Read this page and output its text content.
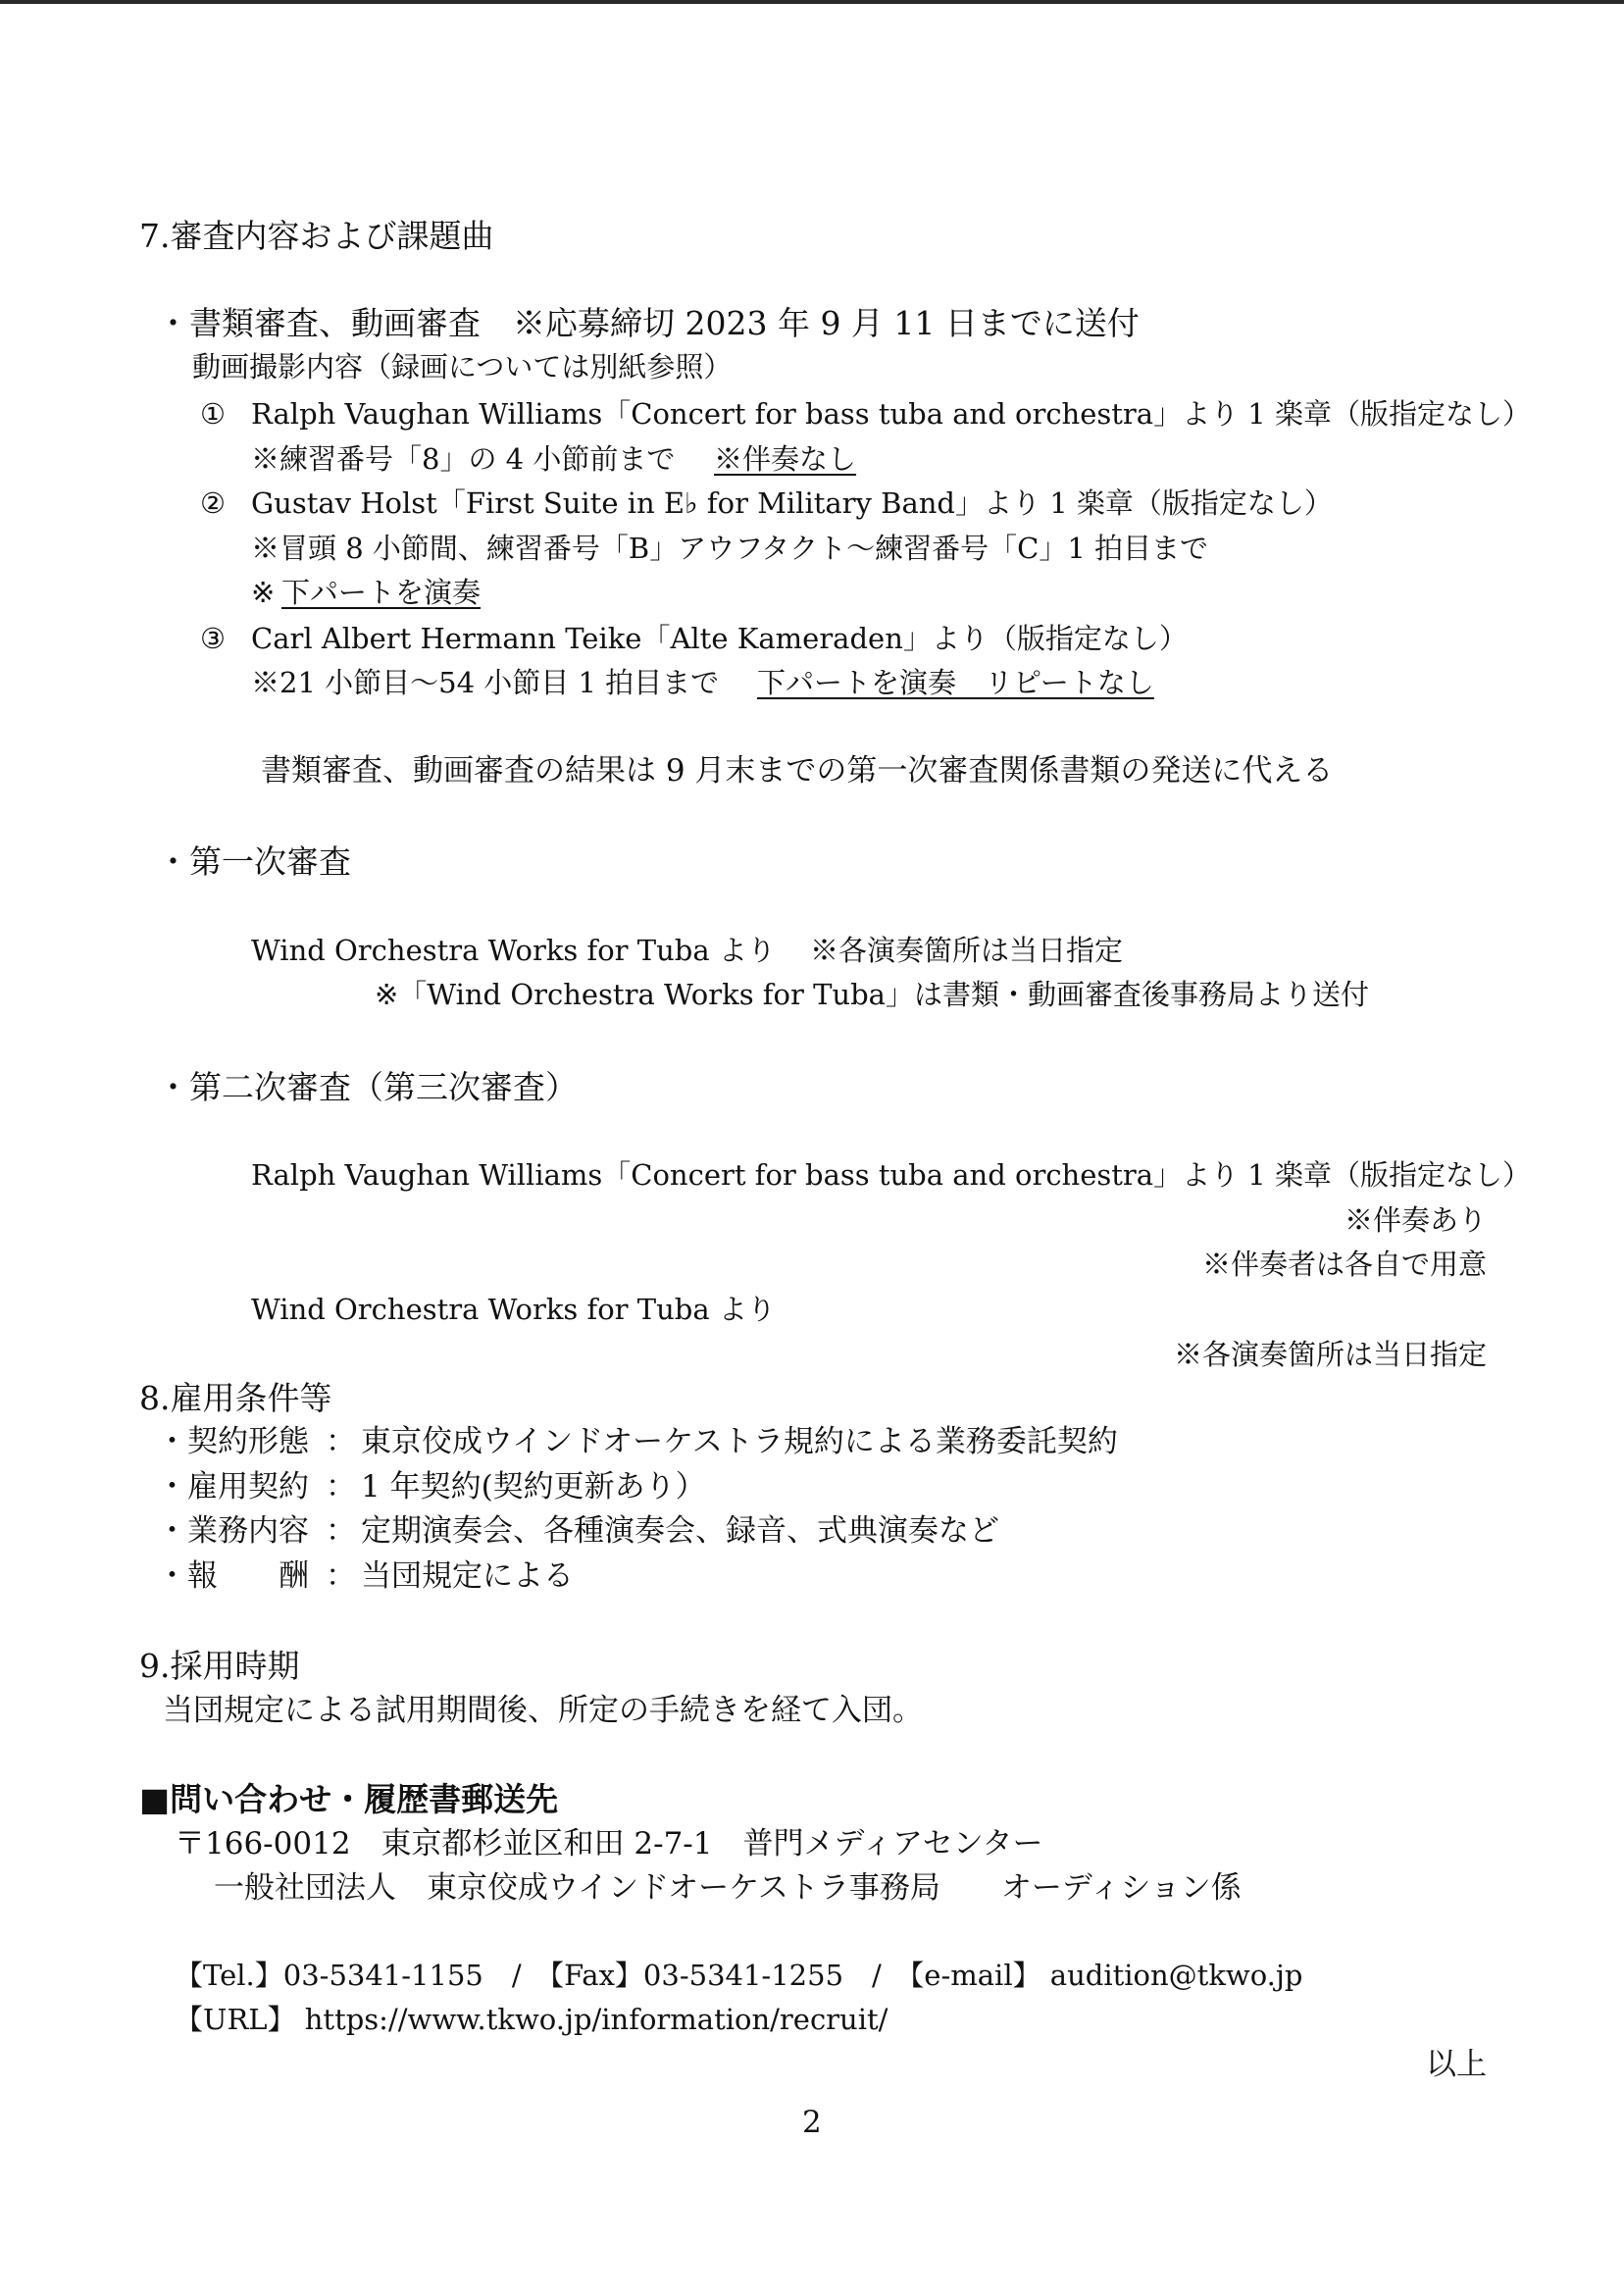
7.審査内容および課題曲
・書類審査、動画審査　※応募締切 2023 年 9 月 11 日までに送付
動画撮影内容（録画については別紙参照）
① Ralph Vaughan Williams「Concert for bass tuba and orchestra」より 1 楽章（版指定なし）
※練習番号「8」の 4 小節前まで ※伴奏なし
② Gustav Holst「First Suite in E♭ for Military Band」より 1 楽章（版指定なし）
※冒頭 8 小節間、練習番号「B」アウフタクト～練習番号「C」1 拍目まで
※ 下パートを演奏
③ Carl Albert Hermann Teike「Alte Kameraden」より（版指定なし）
※21 小節目～54 小節目 1 拍目まで 下パートを演奏　リピートなし
書類審査、動画審査の結果は 9 月末までの第一次審査関係書類の発送に代える
・第一次審査
Wind Orchestra Works for Tuba より ※各演奏箇所は当日指定
※「Wind Orchestra Works for Tuba」は書類・動画審査後事務局より送付
・第二次審査（第三次審査）
Ralph Vaughan Williams「Concert for bass tuba and orchestra」より 1 楽章（版指定なし）
※伴奏あり
※伴奏者は各自で用意
Wind Orchestra Works for Tuba より
※各演奏箇所は当日指定
8.雇用条件等
・契約形態 ： 東京佼成ウインドオーケストラ規約による業務委託契約
・雇用契約 ： 1 年契約(契約更新あり）
・業務内容 ： 定期演奏会、各種演奏会、録音、式典演奏など
・報　　酬 ： 当団規定による
9.採用時期
当団規定による試用期間後、所定の手続きを経て入団。
■問い合わせ・履歴書郵送先
〒166-0012　東京都杉並区和田 2-7-1　普門メディアセンター
一般社団法人　東京佼成ウインドオーケストラ事務局　　オーディション係
【Tel.】03-5341-1155　/　【Fax】03-5341-1255　/　【e-mail】 audition@tkwo.jp
【URL】 https://www.tkwo.jp/information/recruit/
以上
2
